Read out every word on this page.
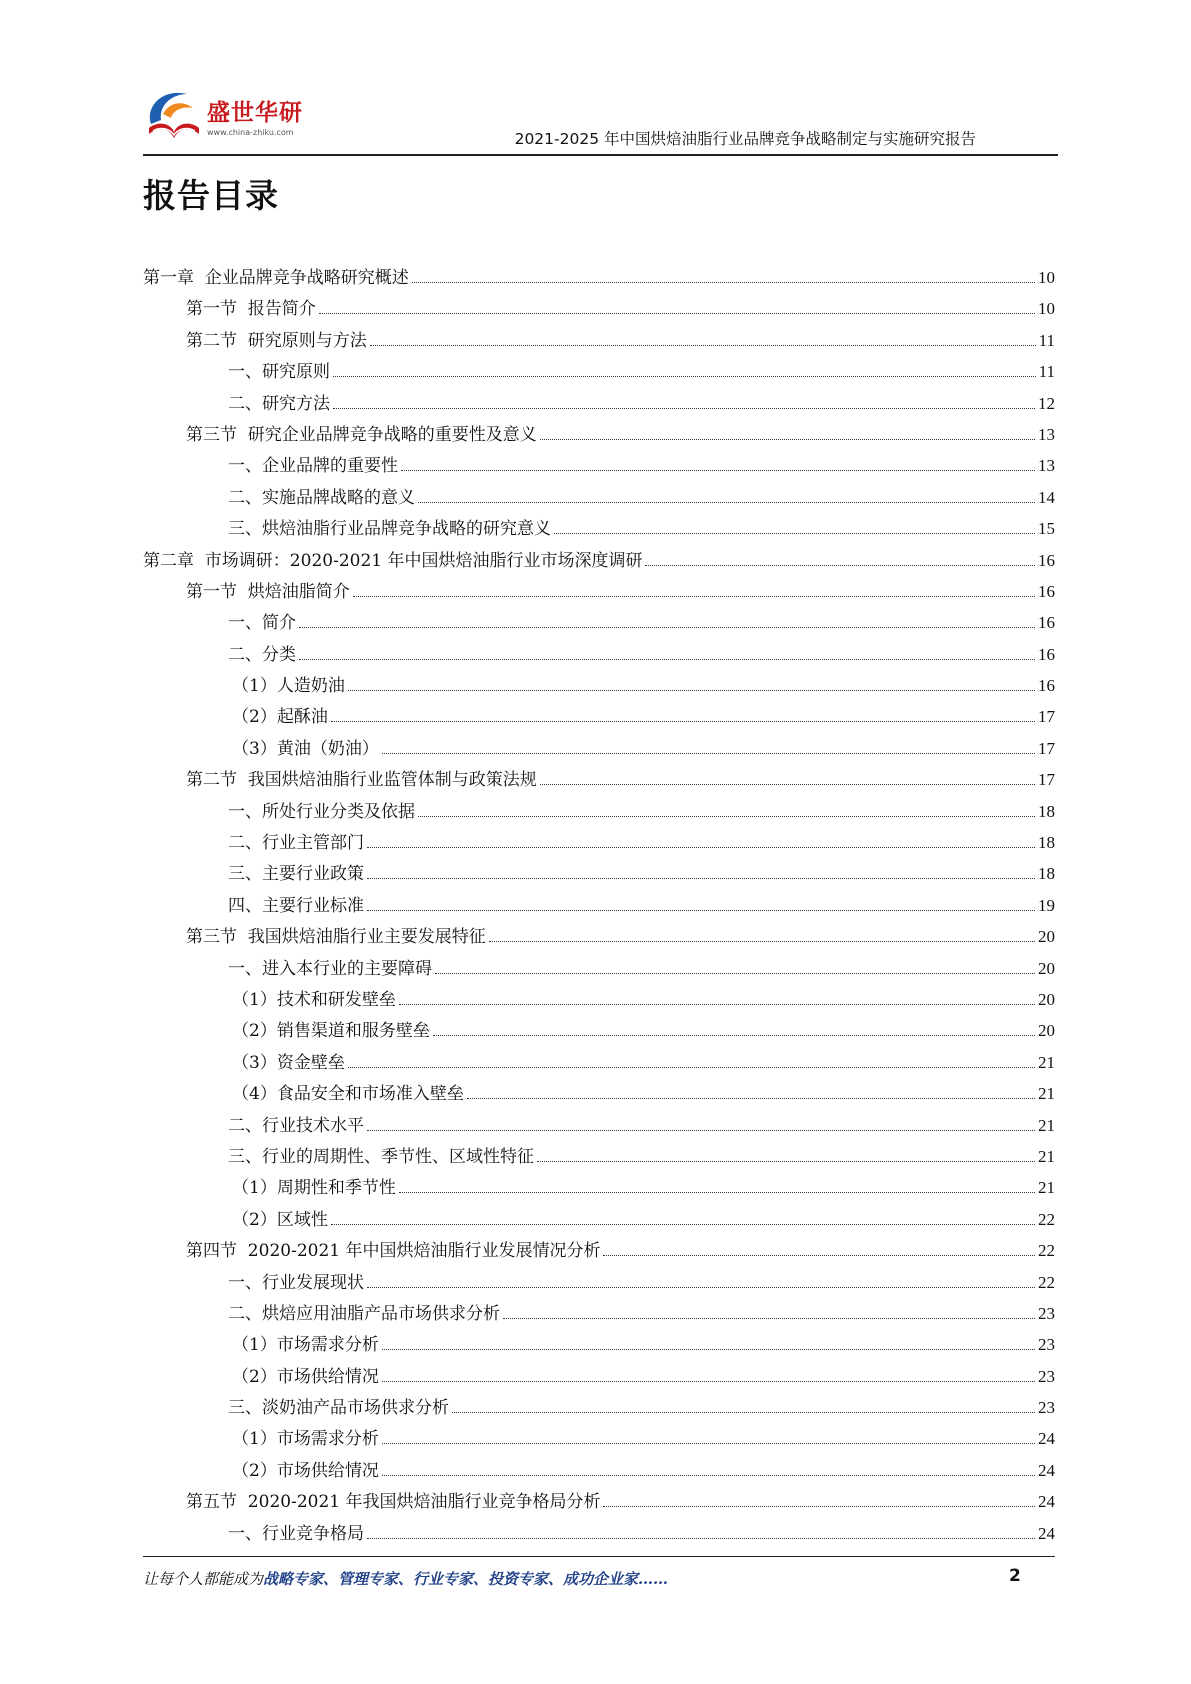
盛世华研
www.china-zhiku.com	2021-2025 年中国烘焙油脂行业品牌竞争战略制定与实施研究报告
报告目录
第一章  企业品牌竞争战略研究概述	10
第一节  报告简介	10
第二节  研究原则与方法	11
一、研究原则	11
二、研究方法	12
第三节  研究企业品牌竞争战略的重要性及意义	13
一、企业品牌的重要性	13
二、实施品牌战略的意义	14
三、烘焙油脂行业品牌竞争战略的研究意义	15
第二章  市场调研：2020-2021 年中国烘焙油脂行业市场深度调研	16
第一节  烘焙油脂简介	16
一、简介	16
二、分类	16
（1）人造奶油	16
（2）起酥油	17
（3）黄油（奶油）	17
第二节  我国烘焙油脂行业监管体制与政策法规	17
一、所处行业分类及依据	18
二、行业主管部门	18
三、主要行业政策	18
四、主要行业标准	19
第三节  我国烘焙油脂行业主要发展特征	20
一、进入本行业的主要障碍	20
（1）技术和研发壁垒	20
（2）销售渠道和服务壁垒	20
（3）资金壁垒	21
（4）食品安全和市场准入壁垒	21
二、行业技术水平	21
三、行业的周期性、季节性、区域性特征	21
（1）周期性和季节性	21
（2）区域性	22
第四节  2020-2021 年中国烘焙油脂行业发展情况分析	22
一、行业发展现状	22
二、烘焙应用油脂产品市场供求分析	23
（1）市场需求分析	23
（2）市场供给情况	23
三、淡奶油产品市场供求分析	23
（1）市场需求分析	24
（2）市场供给情况	24
第五节  2020-2021 年我国烘焙油脂行业竞争格局分析	24
一、行业竞争格局	24
让每个人都能成为战略专家、管理专家、行业专家、投资专家、成功企业家……	2
